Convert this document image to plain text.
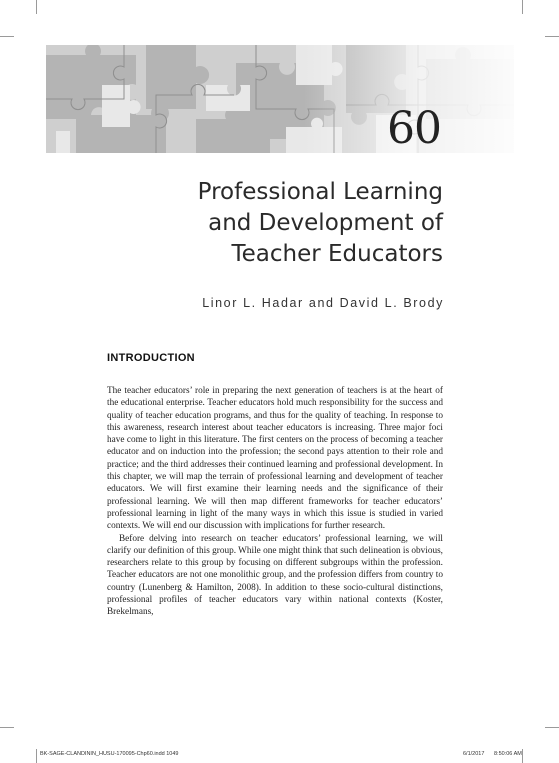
60
Professional Learning
and Development of
Teacher Educators
Linor L. Hadar and David L. Brody
INTRODUCTION

The teacher educators’ role in preparing the next generation of teachers is at the heart of the educational enterprise. Teacher educators hold much responsibility for the success and quality of teacher education programs, and thus for the quality of teaching. In response to this awareness, research interest about teacher educators is increasing. Three major foci have come to light in this literature. The first centers on the process of becoming a teacher educator and on induction into the profession; the second pays attention to their role and practice; and the third addresses their continued learning and professional development. In this chapter, we will map the terrain of professional learning and development of teacher educators. We will first examine their learning needs and the significance of their professional learning. We will then map different frameworks for teacher educators’ professional learning in light of the many ways in which this issue is studied in varied contexts. We will end our discussion with implications for further research.

Before delving into research on teacher educators’ professional learning, we will clarify our definition of this group. While one might think that such delineation is obvious, researchers relate to this group by focusing on different subgroups within the profession. Teacher educators are not one monolithic group, and the profession differs from country to country (Lunenberg & Hamilton, 2008). In addition to these socio-cultural distinctions, professional profiles of teacher educators vary within national contexts (Koster, Brekelmans,

BK-SAGE-CLANDININ_HUSU-170095-Chp60.indd 1049	6/1/2017 8:50:06 AM
